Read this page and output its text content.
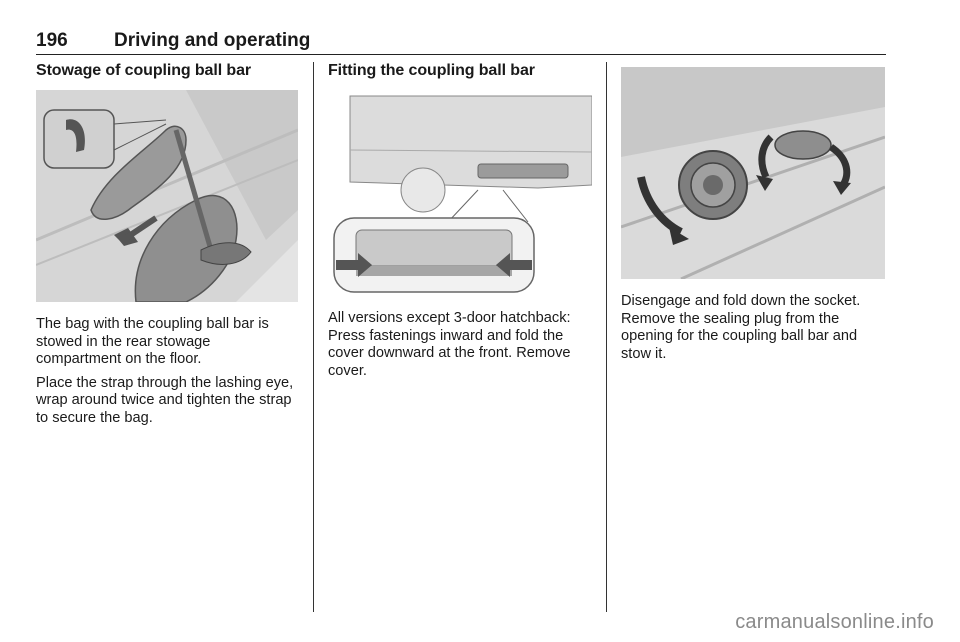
196	Driving and operating
Stowage of coupling ball bar

The bag with the coupling ball bar is stowed in the rear stowage compartment on the floor.

Place the strap through the lashing eye, wrap around twice and tighten the strap to secure the bag.

Fitting the coupling ball bar

All versions except 3-door hatchback: Press fastenings inward and fold the cover downward at the front. Remove cover.

Disengage and fold down the socket. Remove the sealing plug from the opening for the coupling ball bar and stow it.

carmanualsonline.info
